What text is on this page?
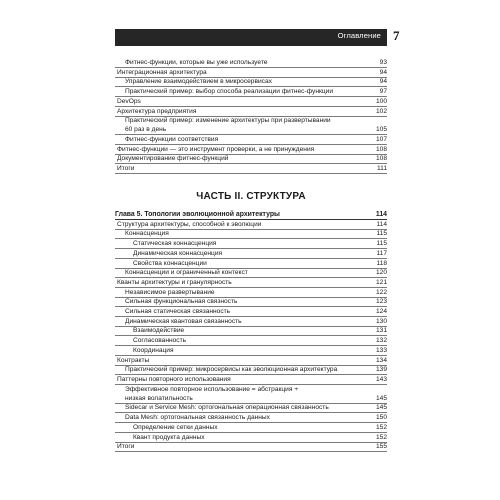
Оглавление 7
Фитнес-функции, которые вы уже используете	93
Интеграционная архитектура	94
Управление взаимодействием в микросервисах	94
Практический пример: выбор способа реализации фитнес-функции	97
DevOps	100
Архитектура предприятия	102
Практический пример: изменение архитектуры при развертывании
60 раз в день	105
Фитнес-функции соответствия	107
Фитнес-функции — это инструмент проверки, а не принуждения	108
Документирование фитнес-функций	108
Итоги	111
ЧАСТЬ II. СТРУКТУРА
Глава 5. Топологии эволюционной архитектуры	114
Структура архитектуры, способной к эволюции	114
Коннасценция	115
Статическая коннасценция	115
Динамическая коннасценция	117
Свойства коннасценции	118
Коннасценции и ограниченный контекст	120
Кванты архитектуры и гранулярность	121
Независимое развертывание	122
Сильная функциональная связность	123
Сильная статическая связанность	124
Динамическая квантовая связанность	130
Взаимодействие	131
Согласованность	132
Координация	133
Контракты	134
Практический пример: микросервисы как эволюционная архитектура	139
Паттерны повторного использования	143
Эффективное повторное использование = абстракция +
низкая волатильность	145
Sidecar и Service Mesh: ортогональная операционная связанность	145
Data Mesh: ортогональная связанность данных	150
Определение сетки данных	152
Квант продукта данных	152
Итоги	155
